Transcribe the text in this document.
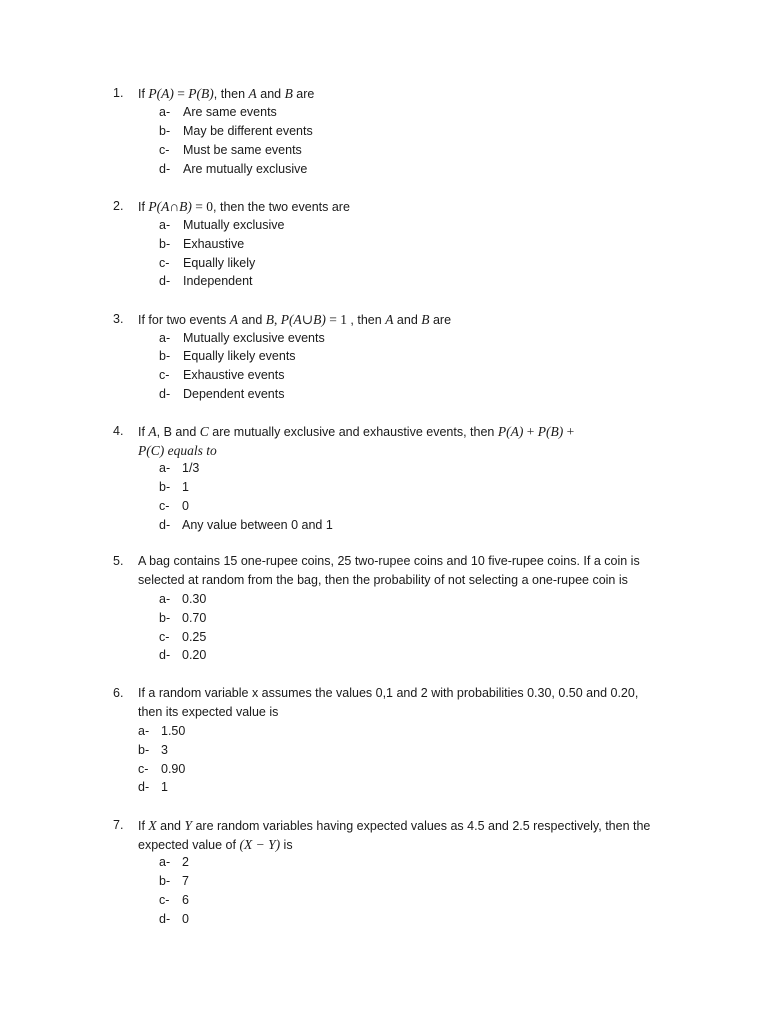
1. If P(A) = P(B), then A and B are
a- Are same events
b- May be different events
c- Must be same events
d- Are mutually exclusive
2. If P(A∩B) = 0, then the two events are
a- Mutually exclusive
b- Exhaustive
c- Equally likely
d- Independent
3. If for two events A and B, P(A∪B) = 1 , then A and B are
a- Mutually exclusive events
b- Equally likely events
c- Exhaustive events
d- Dependent events
4. If A, B and C are mutually exclusive and exhaustive events, then P(A) + P(B) +
P(C) equals to
a- 1/3
b- 1
c- 0
d- Any value between 0 and 1
5. A bag contains 15 one-rupee coins, 25 two-rupee coins and 10 five-rupee coins. If a coin is
selected at random from the bag, then the probability of not selecting a one-rupee coin is
a- 0.30
b- 0.70
c- 0.25
d- 0.20
6. If a random variable x assumes the values 0,1 and 2 with probabilities 0.30, 0.50 and 0.20,
then its expected value is
a- 1.50
b- 3
c- 0.90
d- 1
7. If X and Y are random variables having expected values as 4.5 and 2.5 respectively, then the
expected value of (X − Y) is
a- 2
b- 7
c- 6
d- 0
